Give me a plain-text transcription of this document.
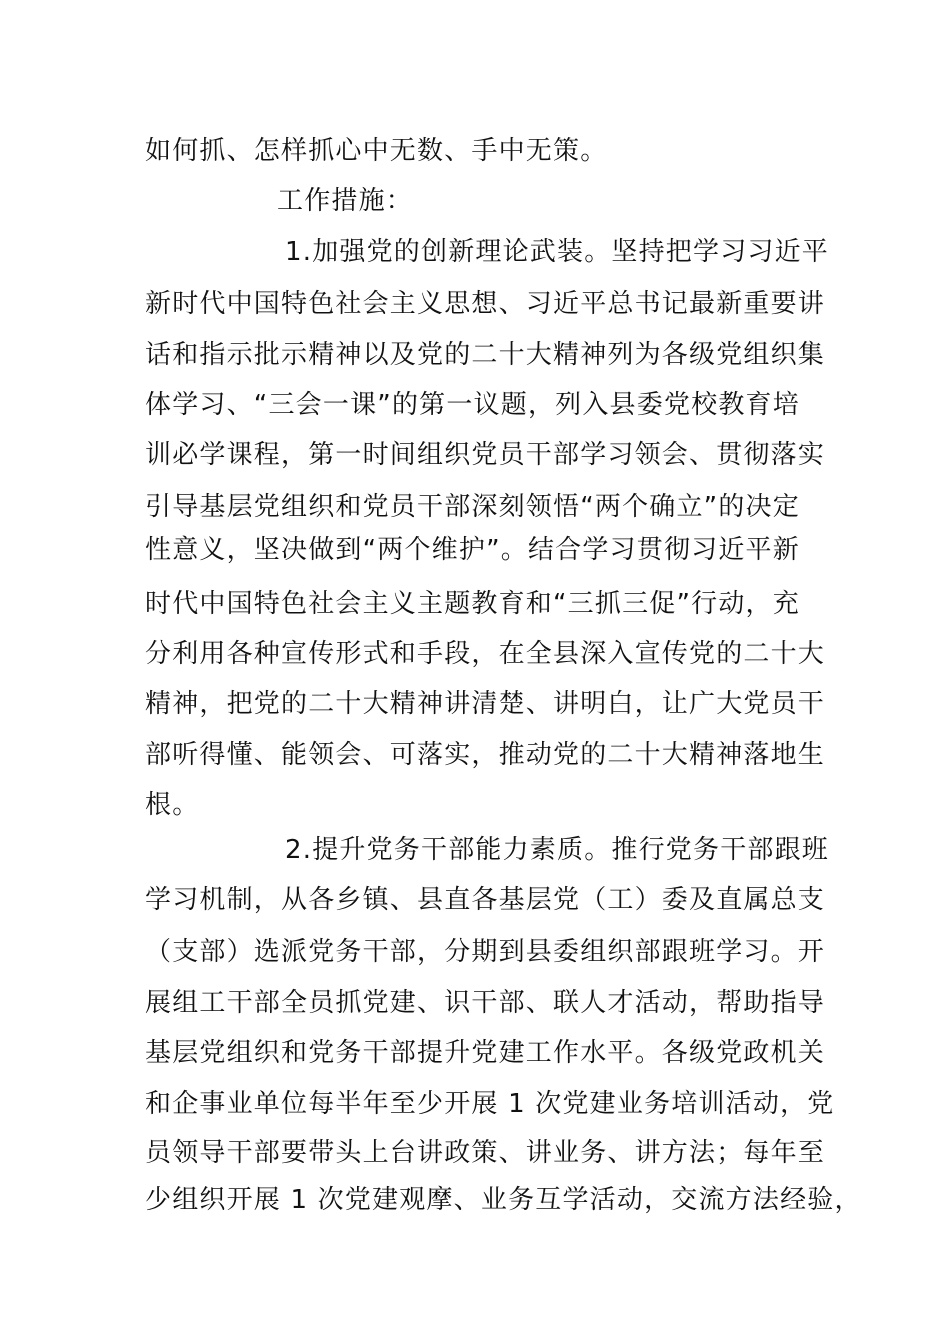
如何抓、怎样抓心中无数、手中无策。
工作措施：
1.加强党的创新理论武装。坚持把学习习近平
新时代中国特色社会主义思想、习近平总书记最新重要讲
话和指示批示精神以及党的二十大精神列为各级党组织集
体学习、“三会一课”的第一议题，列入县委党校教育培
训必学课程，第一时间组织党员干部学习领会、贯彻落实
引导基层党组织和党员干部深刻领悟“两个确立”的决定
性意义，坚决做到“两个维护”。结合学习贯彻习近平新
时代中国特色社会主义主题教育和“三抓三促”行动，充
分利用各种宣传形式和手段，在全县深入宣传党的二十大
精神，把党的二十大精神讲清楚、讲明白，让广大党员干
部听得懂、能领会、可落实，推动党的二十大精神落地生
根。
2.提升党务干部能力素质。推行党务干部跟班
学习机制，从各乡镇、县直各基层党（工）委及直属总支
（支部）选派党务干部，分期到县委组织部跟班学习。开
展组工干部全员抓党建、识干部、联人才活动，帮助指导
基层党组织和党务干部提升党建工作水平。各级党政机关
和企事业单位每半年至少开展 1 次党建业务培训活动，党
员领导干部要带头上台讲政策、讲业务、讲方法；每年至
少组织开展 1 次党建观摩、业务互学活动，交流方法经验，
